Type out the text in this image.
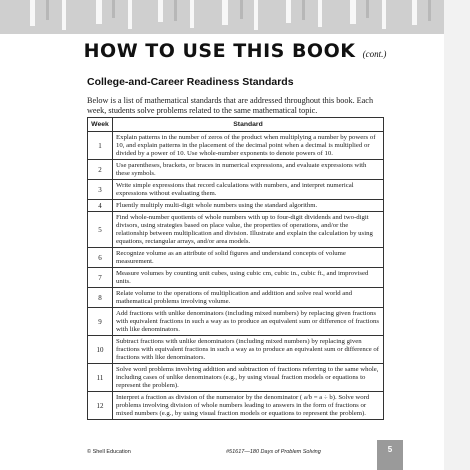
HOW TO USE THIS BOOK (cont.)
College-and-Career Readiness Standards

Below is a list of mathematical standards that are addressed throughout this book. Each week, students solve problems related to the same mathematical topic.

Week	Standard
1	Explain patterns in the number of zeros of the product when multiplying a number by powers of 10, and explain patterns in the placement of the decimal point when a decimal is multiplied or divided by a power of 10. Use whole-number exponents to denote powers of 10.
2	Use parentheses, brackets, or braces in numerical expressions, and evaluate expressions with these symbols.
3	Write simple expressions that record calculations with numbers, and interpret numerical expressions without evaluating them.
4	Fluently multiply multi-digit whole numbers using the standard algorithm.
5	Find whole-number quotients of whole numbers with up to four-digit dividends and two-digit divisors, using strategies based on place value, the properties of operations, and/or the relationship between multiplication and division. Illustrate and explain the calculation by using equations, rectangular arrays, and/or area models.
6	Recognize volume as an attribute of solid figures and understand concepts of volume measurement.
7	Measure volumes by counting unit cubes, using cubic cm, cubic in., cubic ft., and improvised units.
8	Relate volume to the operations of multiplication and addition and solve real world and mathematical problems involving volume.
9	Add fractions with unlike denominators (including mixed numbers) by replacing given fractions with equivalent fractions in such a way as to produce an equivalent sum or difference of fractions with like denominators.
10	Subtract fractions with unlike denominators (including mixed numbers) by replacing given fractions with equivalent fractions in such a way as to produce an equivalent sum or difference of fractions with like denominators.
11	Solve word problems involving addition and subtraction of fractions referring to the same whole, including cases of unlike denominators (e.g., by using visual fraction models or equations to represent the problem).
12	Interpret a fraction as division of the numerator by the denominator ( a/b = a ÷ b). Solve word problems involving division of whole numbers leading to answers in the form of fractions or mixed numbers (e.g., by using visual fraction models or equations to represent the problem).
© Shell Education	#51617—180 Days of Problem Solving	5
